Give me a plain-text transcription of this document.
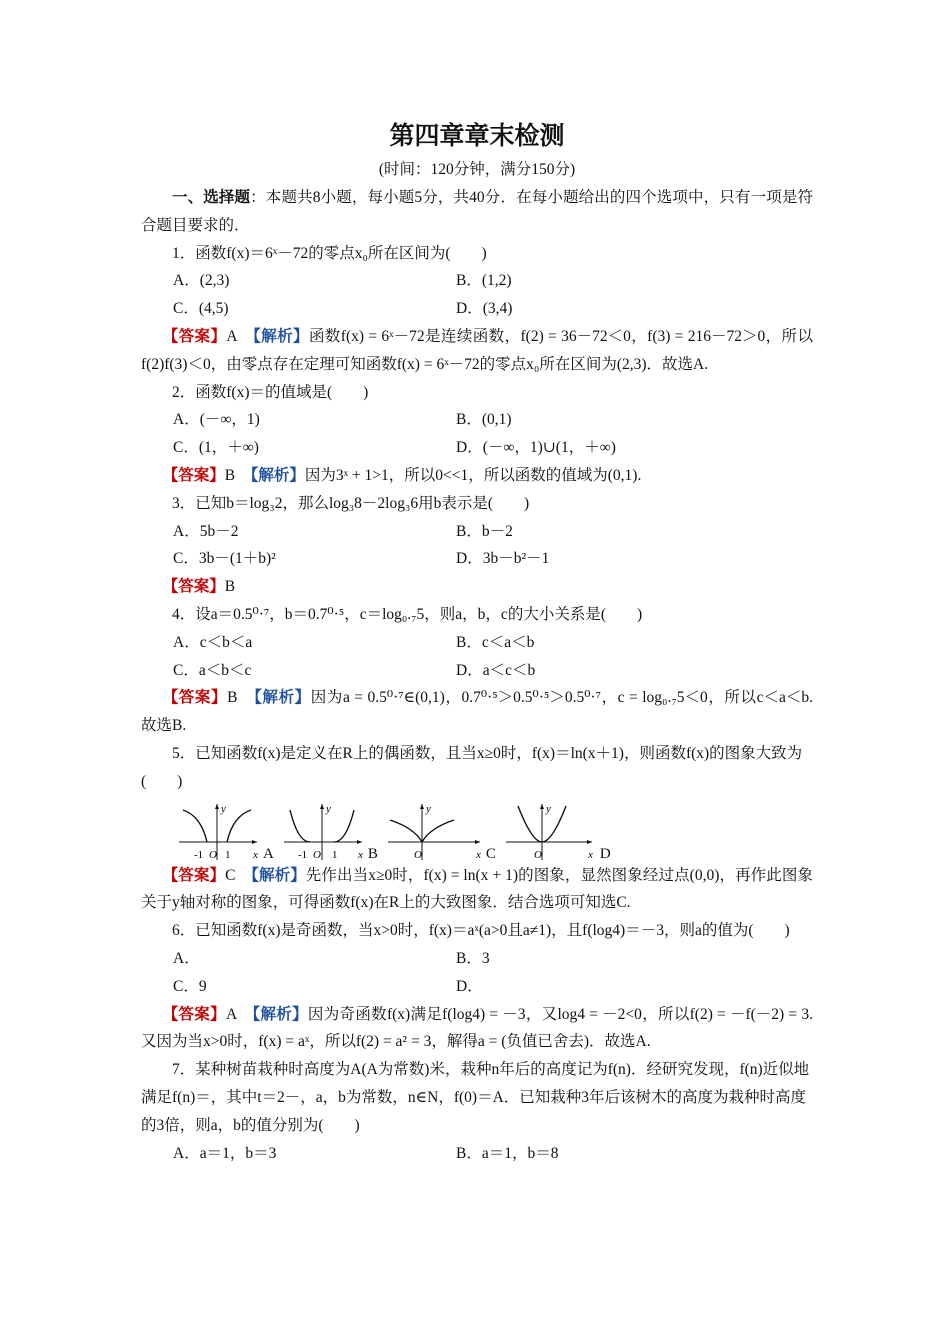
第四章章末检测
(时间：120分钟，满分150分)

一、选择题：本题共8小题，每小题5分，共40分．在每小题给出的四个选项中，只有一项是符合题目要求的．

1．函数f(x)＝6ˣ－72的零点x₀所在区间为(　　)

A．(2,3)	B．(1,2)
C．(4,5)	D．(3,4)

【答案】A　 【解析】函数f(x) = 6ˣ－72是连续函数，f(2) = 36－72＜0，f(3) = 216－72＞0，所以f(2)f(3)＜0，由零点存在定理可知函数f(x) = 6ˣ－72的零点x₀所在区间为(2,3)．故选A.

2．函数f(x)＝的值域是(　　)

A．(－∞，1)	B．(0,1)
C．(1，＋∞)	D．(－∞，1)∪(1，＋∞)

【答案】B　 【解析】因为3ˣ + 1>1，所以0<<1，所以函数的值域为(0,1).

3．已知b＝log₃2，那么log₃8－2log₃6用b表示是(　　)

A．5b－2	B．b－2
C．3b－(1＋b)²	D．3b－b²－1

【答案】B

4．设a＝0.5⁰·⁷，b＝0.7⁰·⁵，c＝log₀.₇5，则a，b，c的大小关系是(　　)

A．c＜b＜a	B．c＜a＜b
C．a＜b＜c	D．a＜c＜b

【答案】B　 【解析】因为a = 0.5⁰·⁷∈(0,1)，0.7⁰·⁵＞0.5⁰·⁵＞0.5⁰·⁷，c = log₀.₇5＜0，所以c＜a＜b. 故选B.

5．已知函数f(x)是定义在R上的偶函数，且当x≥0时，f(x)＝ln(x＋1)，则函数f(x)的图象大致为(　　)

y
x
-1 O 1 A
y
x
-1 O 1 B
y
x
O	C
y
x
O	D

【答案】C　 【解析】先作出当x≥0时，f(x) = ln(x + 1)的图象，显然图象经过点(0,0)，再作此图象关于y轴对称的图象，可得函数f(x)在R上的大致图象．结合选项可知选C.

6．已知函数f(x)是奇函数，当x>0时，f(x)＝aˣ(a>0且a≠1)，且f(log4)＝－3，则a的值为(　　)

A．	B．3
C．9	D．

【答案】A　 【解析】因为奇函数f(x)满足f(log4) = －3，又log4 = －2<0，所以f(2) = －f(－2) = 3.又因为当x>0时，f(x) = aˣ，所以f(2) = a² = 3，解得a = (负值已舍去)．故选A.

7．某种树苗栽种时高度为A(A为常数)米，栽种n年后的高度记为f(n)．经研究发现，f(n)近似地满足f(n)＝，其中t＝2－，a，b为常数，n∈N，f(0)＝A．已知栽种3年后该树木的高度为栽种时高度的3倍，则a，b的值分别为(　　)

A．a＝1，b＝3	B．a＝1，b＝8
